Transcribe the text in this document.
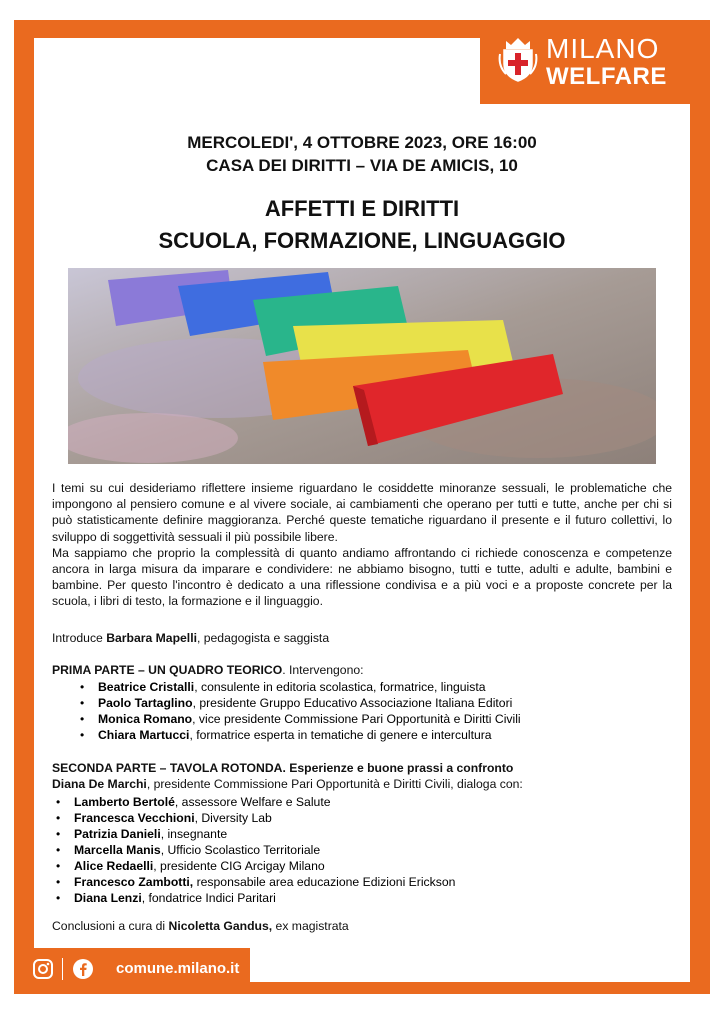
MILANO
WELFARE
MERCOLEDI', 4 OTTOBRE 2023, ORE 16:00
CASA DEI DIRITTI – VIA DE AMICIS, 10
AFFETTI E DIRITTI
SCUOLA, FORMAZIONE, LINGUAGGIO

I temi su cui desideriamo riflettere insieme riguardano le cosiddette minoranze sessuali, le problematiche che impongono al pensiero comune e al vivere sociale, ai cambiamenti che operano per tutti e tutte, anche per chi si può statisticamente definire maggioranza. Perché queste tematiche riguardano il presente e il futuro collettivi, lo sviluppo di soggettività sessuali il più possibile libere.

Ma sappiamo che proprio la complessità di quanto andiamo affrontando ci richiede conoscenza e competenze ancora in larga misura da imparare e condividere: ne abbiamo bisogno, tutti e tutte, adulti e adulte, bambini e bambine. Per questo l'incontro è dedicato a una riflessione condivisa e a più voci e a proposte concrete per la scuola, i libri di testo, la formazione e il linguaggio.

Introduce Barbara Mapelli, pedagogista e saggista
PRIMA PARTE – UN QUADRO TEORICO. Intervengono:
• Beatrice Cristalli, consulente in editoria scolastica, formatrice, linguista
• Paolo Tartaglino, presidente Gruppo Educativo Associazione Italiana Editori
• Monica Romano, vice presidente Commissione Pari Opportunità e Diritti Civili
• Chiara Martucci, formatrice esperta in tematiche di genere e intercultura
SECONDA PARTE – TAVOLA ROTONDA. Esperienze e buone prassi a confronto
Diana De Marchi, presidente Commissione Pari Opportunità e Diritti Civili, dialoga con:
• Lamberto Bertolé, assessore Welfare e Salute
• Francesca Vecchioni, Diversity Lab
• Patrizia Danieli, insegnante
• Marcella Manis, Ufficio Scolastico Territoriale
• Alice Redaelli, presidente CIG Arcigay Milano
• Francesco Zambotti, responsabile area educazione Edizioni Erickson
• Diana Lenzi, fondatrice Indici Paritari
Conclusioni a cura di Nicoletta Gandus, ex magistrata
comune.milano.it
